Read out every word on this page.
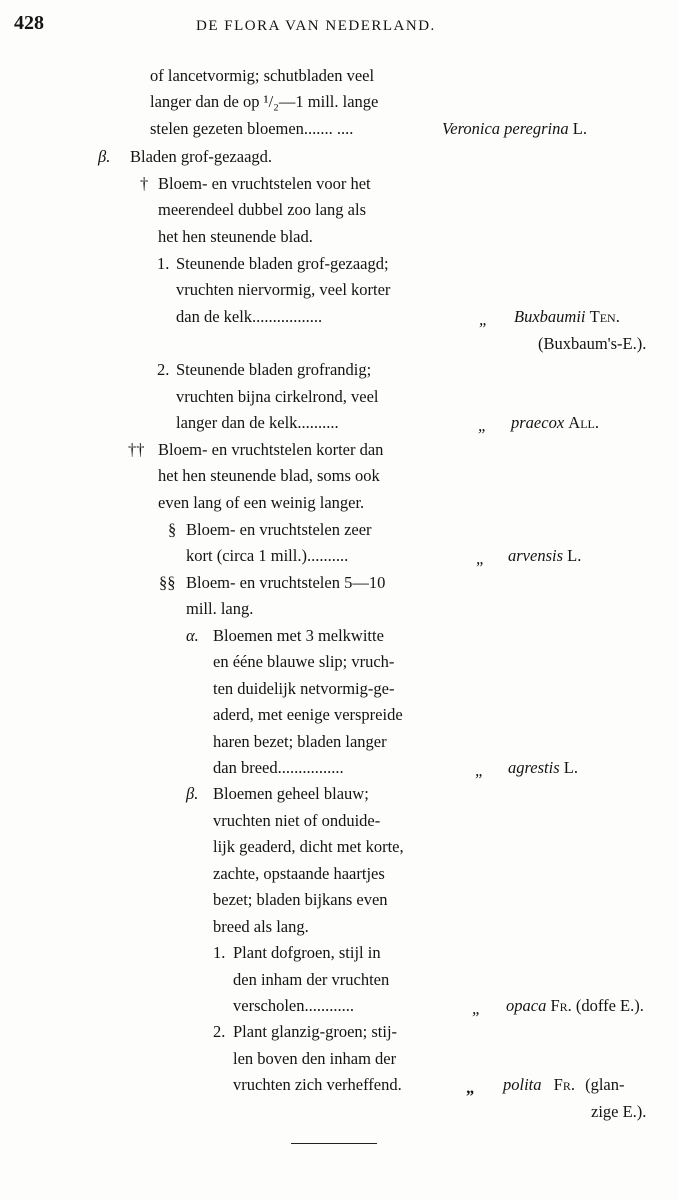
428	DE FLORA VAN NEDERLAND.
of lancetvormig; schutbladen veel
langer dan de op ¹/₂—1 mill. lange
stelen gezeten bloemen....... ....	Veronica peregrina L.
β. Bladen grof-gezaagd.
† Bloem- en vruchtstelen voor het
meerendeel dubbel zoo lang als
het hen steunende blad.
1. Steunende bladen grof-gezaagd;
vruchten niervormig, veel korter
dan de kelk.................	„ Buxbaumii Ten.
(Buxbaum's-E.).
2. Steunende bladen grofrandig;
vruchten bijna cirkelrond, veel
langer dan de kelk..........	„ praecox All.
†† Bloem- en vruchtstelen korter dan
het hen steunende blad, soms ook
even lang of een weinig langer.
§ Bloem- en vruchtstelen zeer
kort (circa 1 mill.)..........	„ arvensis L.
§§ Bloem- en vruchtstelen 5—10
mill. lang.
α. Bloemen met 3 melkwitte
en ééne blauwe slip; vruch-
ten duidelijk netvormig-ge-
aderd, met eenige verspreide
haren bezet; bladen langer
dan breed................	„ agrestis L.
β. Bloemen geheel blauw;
vruchten niet of onduide-
lijk geaderd, dicht met korte,
zachte, opstaande haartjes
bezet; bladen bijkans even
breed als lang.
1. Plant dofgroen, stijl in
den inham der vruchten
verscholen............	„ opaca Fr. (doffe E.).
2. Plant glanzig-groen; stij-
len boven den inham der
vruchten zich verheffend.	„ polita Fr. (glan-
zige E.).
